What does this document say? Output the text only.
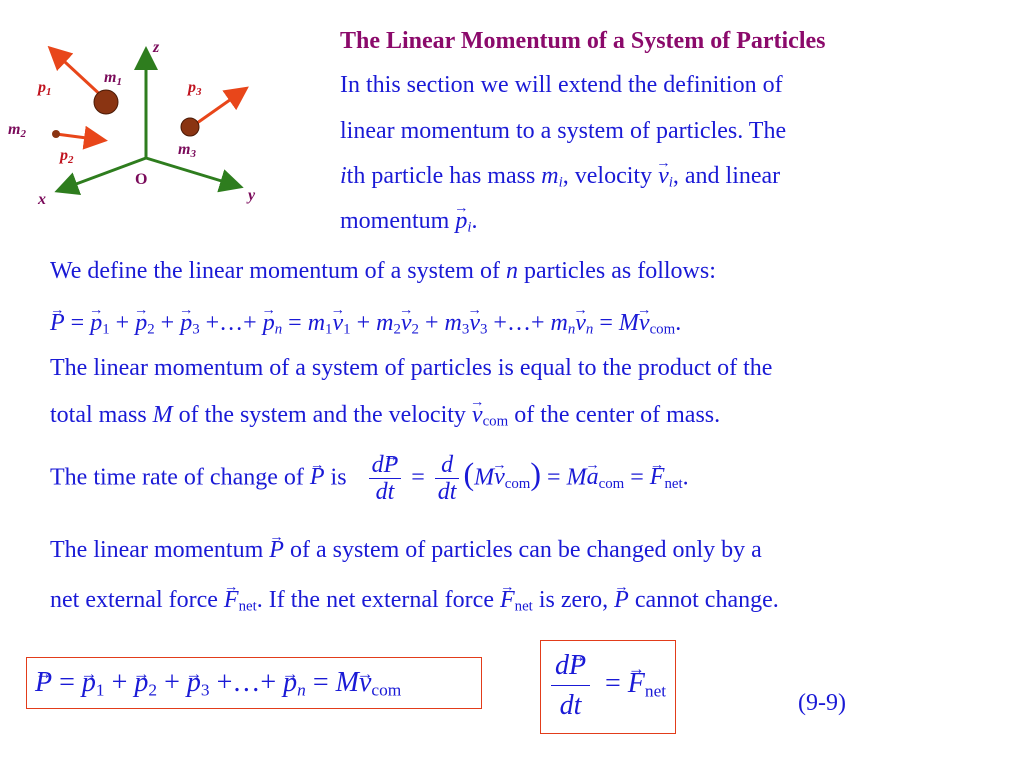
The Linear Momentum of a System of Particles
In this section we will extend the definition of
linear momentum to a system of particles. The
ith particle has mass $m_i$, velocity → $v_i$, and linear
momentum → $p_i$.
z
x	y
O
p1
m1
m2
p2
p3
m3
We define the linear momentum of a system of n particles as follows:
→ P = → $p_1$ + → $p_2$ + → $p_3$ +…+ → $p_n = m_1\to v_1 + m_2\to v_2 + m_3\to v_3$ +…+ $m_n\to v_n = M\to v_{com}$.
The linear momentum of a system of particles is equal to the product of the
total mass M of the system and the velocity → $v_{com}$ of the center of mass.
The time rate of change of → P is $\frac{d\to P}{dt} = \frac{d}{dt} (M\to v_{com}) = M\to a_{com}$ = → $F_{net}$.
The linear momentum → P of a system of particles can be changed only by a
net external force → $F_{net}$. If the net external force → $F_{net}$ is zero, → P cannot change.
→ P = → $p_1$ + → $p_2$ + → $p_3$ +…+ → $p_n = M\to v_{com}$
d→ P
dt
= → $F_{net}$	(9-9)
